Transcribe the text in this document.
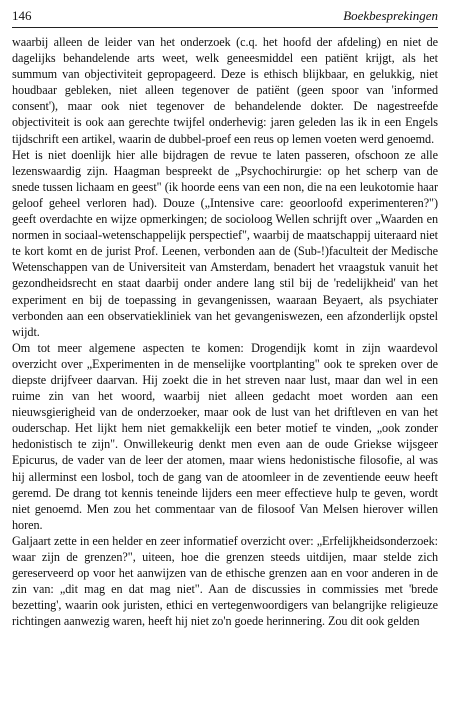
146	Boekbesprekingen

waarbij alleen de leider van het onderzoek (c.q. het hoofd der afdeling) en niet de dagelijks behandelende arts weet, welk geneesmiddel een patiënt krijgt, als het summum van objectiviteit gepropageerd. Deze is ethisch blijkbaar, en gelukkig, niet houdbaar gebleken, niet alleen tegenover de patiënt (geen spoor van 'informed consent'), maar ook niet tegenover de behandelende dokter. De nagestreefde objectiviteit is ook aan gerechte twijfel onderhevig: jaren geleden las ik in een Engels tijdschrift een artikel, waarin de dubbel-proef een reus op lemen voeten werd genoemd.

Het is niet doenlijk hier alle bijdragen de revue te laten passeren, ofschoon ze alle lezenswaardig zijn. Haagman bespreekt de „Psychochirurgie: op het scherp van de snede tussen lichaam en geest" (ik hoorde eens van een non, die na een leukotomie haar geloof geheel verloren had). Douze („Intensive care: geoorloofd experimenteren?") geeft overdachte en wijze opmerkingen; de socioloog Wellen schrijft over „Waarden en normen in sociaal-wetenschappelijk perspectief", waarbij de maatschappij uiteraard niet te kort komt en de jurist Prof. Leenen, verbonden aan de (Sub-!)faculteit der Medische Wetenschappen van de Universiteit van Amsterdam, benadert het vraagstuk vanuit het gezondheidsrecht en staat daarbij onder andere lang stil bij de 'redelijkheid' van het experiment en bij de toepassing in gevangenissen, waaraan Beyaert, als psychiater verbonden aan een observatiekliniek van het gevangeniswezen, een afzonderlijk opstel wijdt.

Om tot meer algemene aspecten te komen: Drogendijk komt in zijn waardevol overzicht over „Experimenten in de menselijke voortplanting" ook te spreken over de diepste drijfveer daarvan. Hij zoekt die in het streven naar lust, maar dan wel in een ruime zin van het woord, waarbij niet alleen gedacht moet worden aan een nieuwsgierigheid van de onderzoeker, maar ook de lust van het driftleven en van het ouderschap. Het lijkt hem niet gemakkelijk een beter motief te vinden, „ook zonder hedonistisch te zijn". Onwillekeurig denkt men even aan de oude Griekse wijsgeer Epicurus, de vader van de leer der atomen, maar wiens hedonistische filosofie, al was hij allerminst een losbol, toch de gang van de atoomleer in de zeventiende eeuw heeft geremd. De drang tot kennis teneinde lijders een meer effectieve hulp te geven, wordt niet genoemd. Men zou het commentaar van de filosoof Van Melsen hierover willen horen.

Galjaart zette in een helder en zeer informatief overzicht over: „Erfelijkheidsonderzoek: waar zijn de grenzen?", uiteen, hoe die grenzen steeds uitdijen, maar stelde zich gereserveerd op voor het aanwijzen van de ethische grenzen aan en voor anderen in de zin van: „dit mag en dat mag niet". Aan de discussies in commissies met 'brede bezetting', waarin ook juristen, ethici en vertegenwoordigers van belangrijke religieuze richtingen aanwezig waren, heeft hij niet zo'n goede herinnering. Zou dit ook gelden
